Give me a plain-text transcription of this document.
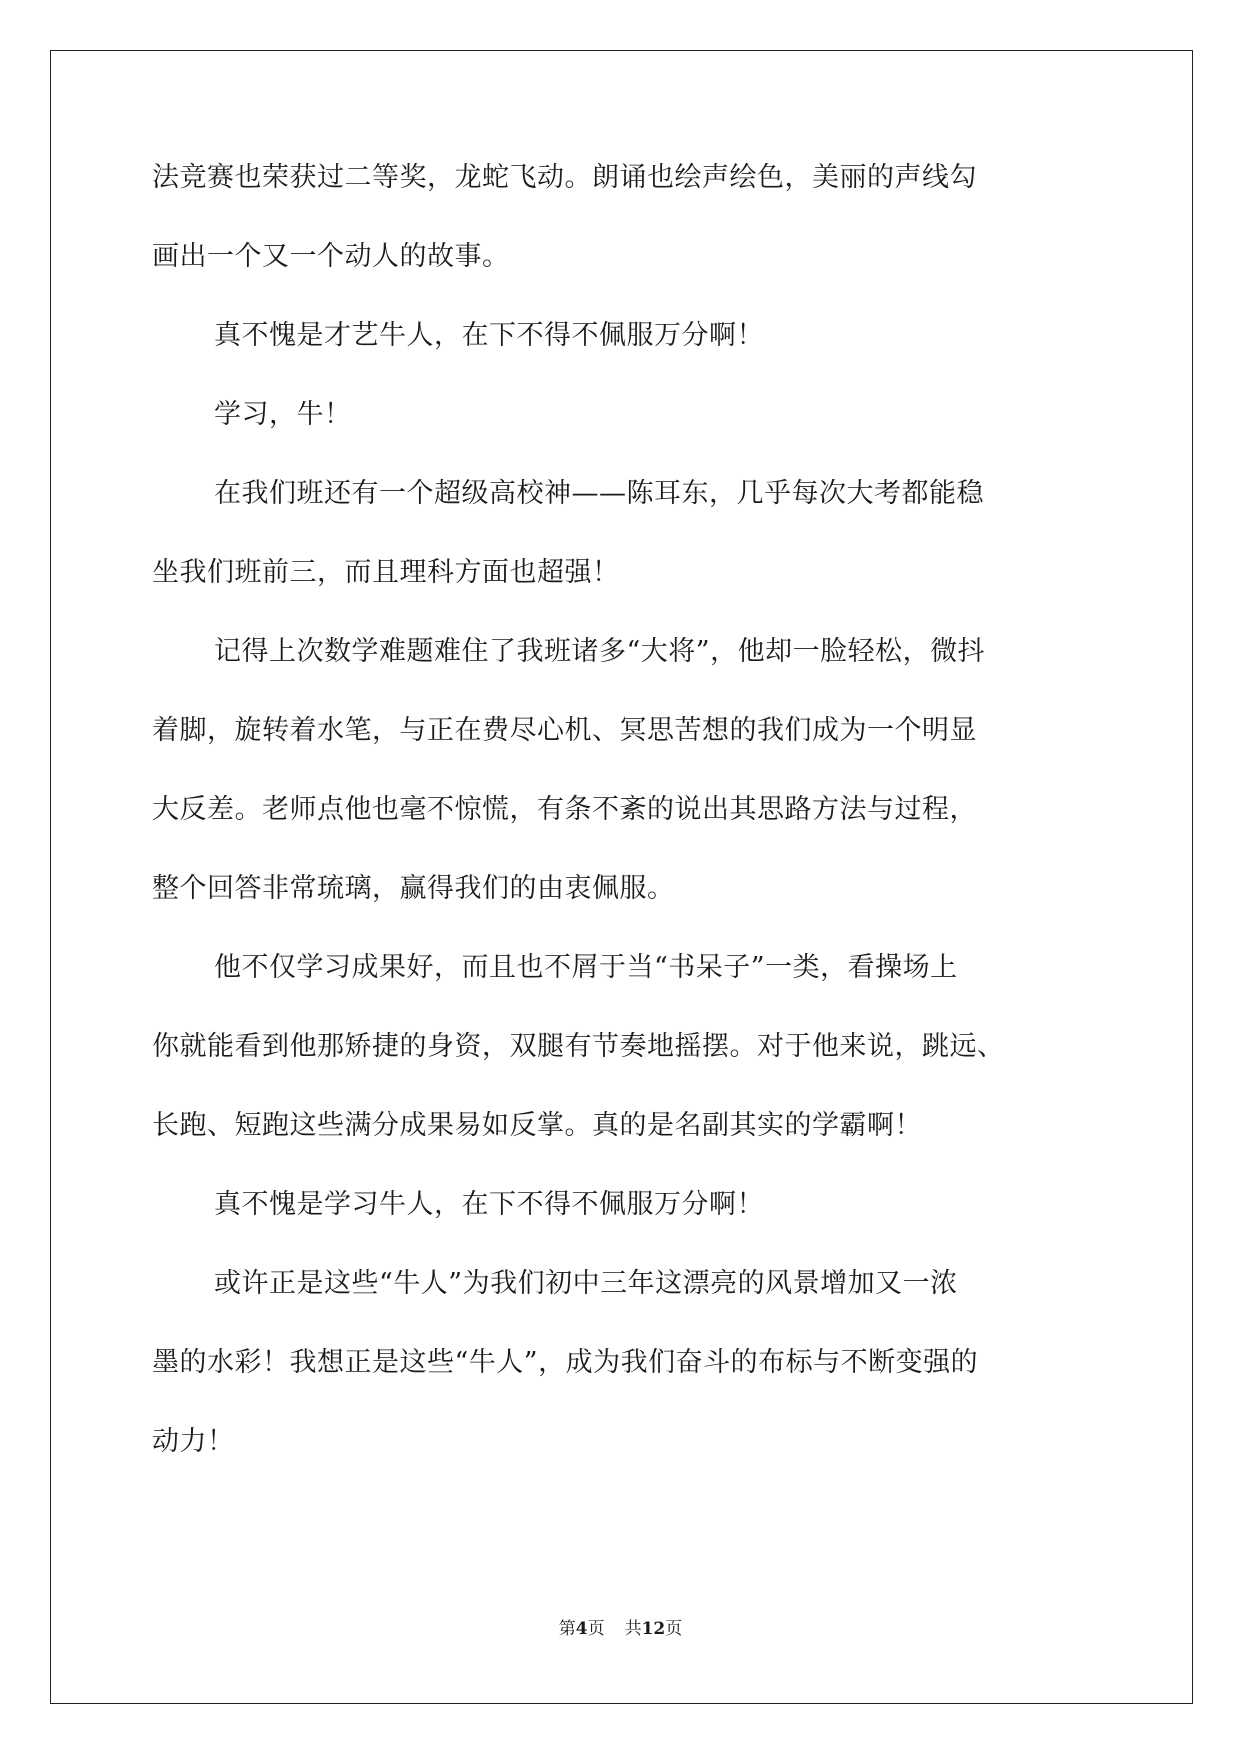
法竞赛也荣获过二等奖，龙蛇飞动。朗诵也绘声绘色，美丽的声线勾
画出一个又一个动人的故事。
真不愧是才艺牛人，在下不得不佩服万分啊！
学习，牛！
在我们班还有一个超级高校神——陈耳东，几乎每次大考都能稳
坐我们班前三，而且理科方面也超强！
记得上次数学难题难住了我班诸多“大将”，他却一脸轻松，微抖
着脚，旋转着水笔，与正在费尽心机、冥思苦想的我们成为一个明显
大反差。老师点他也毫不惊慌，有条不紊的说出其思路方法与过程，
整个回答非常琉璃，赢得我们的由衷佩服。
他不仅学习成果好，而且也不屑于当“书呆子”一类，看操场上
你就能看到他那矫捷的身资，双腿有节奏地摇摆。对于他来说，跳远、
长跑、短跑这些满分成果易如反掌。真的是名副其实的学霸啊！
真不愧是学习牛人，在下不得不佩服万分啊！
或许正是这些“牛人”为我们初中三年这漂亮的风景增加又一浓
墨的水彩！我想正是这些“牛人”，成为我们奋斗的布标与不断变强的
动力！
第4页 共12页
